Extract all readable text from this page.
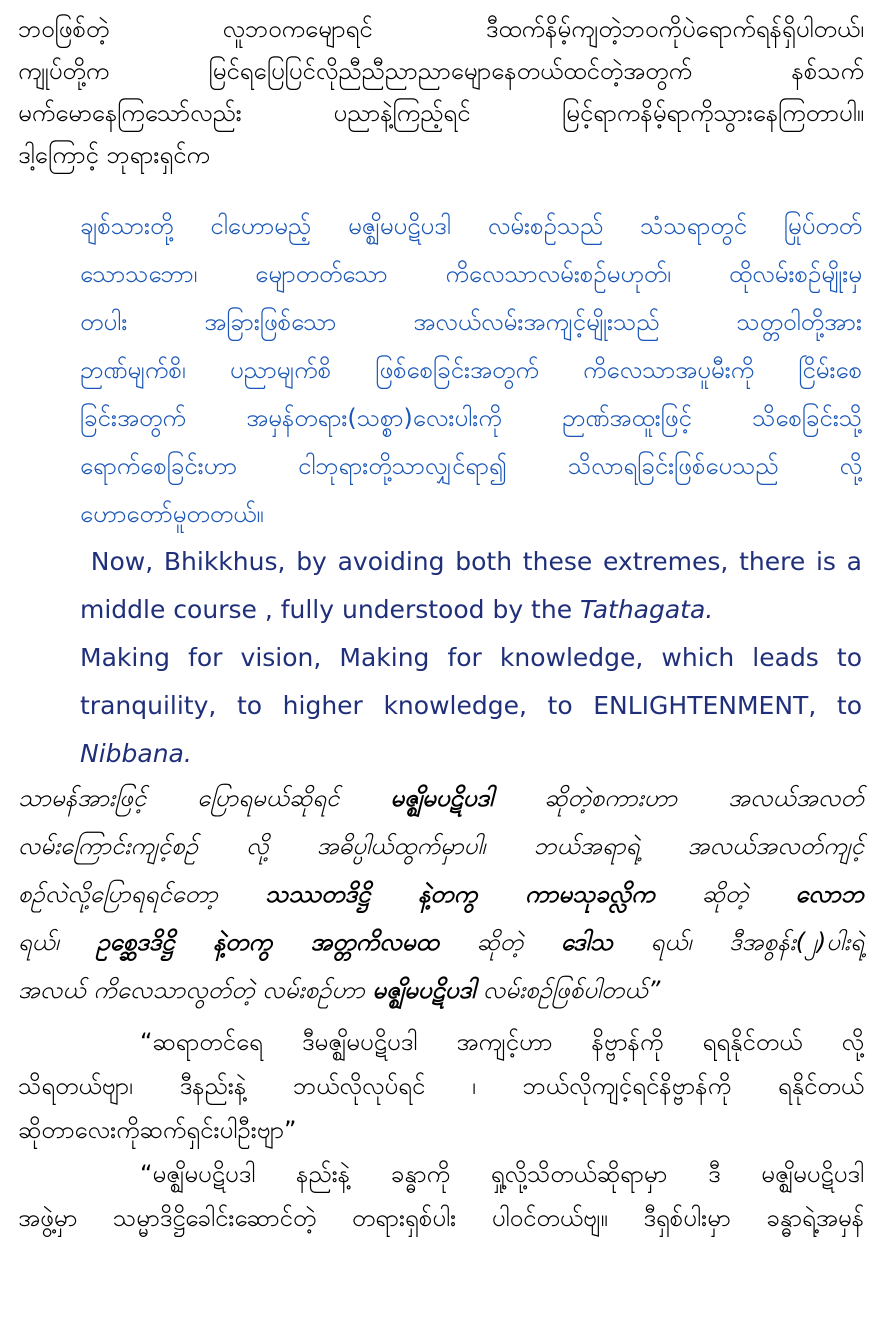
ဘဝဖြစ်တဲ့ လူဘဝကမျောရင် ဒီထက်နိမ့်ကျတဲ့ဘဝကိုပဲရောက်ရန်ရှိပါတယ်၊
ကျုပ်တို့က မြင်ရပြေပြင်လိုညီညီညာညာမျောနေတယ်ထင်တဲ့အတွက် နစ်သက်
မက်မောနေကြသော်လည်း ပညာနဲ့ကြည့်ရင် မြင့်ရာကနိမ့်ရာကိုသွားနေကြတာပါ။
ဒါ့ကြောင့် ဘုရားရှင်က
ချစ်သားတို့ ငါဟောမည့် မဇ္ဈိမပဋိပဒါ လမ်းစဉ်သည် သံသရာတွင် မြုပ်တတ်
သောသဘော၊ မျောတတ်သော ကိလေသာလမ်းစဉ်မဟုတ်၊ ထိုလမ်းစဉ်မျိုးမှ
တပါး အခြားဖြစ်သော အလယ်လမ်းအကျင့်မျိုးသည် သတ္တဝါတို့အား
ဉာဏ်မျက်စိ၊ ပညာမျက်စိ ဖြစ်စေခြင်းအတွက် ကိလေသာအပူမီးကို ငြိမ်းစေ
ခြင်းအတွက် အမှန်တရား(သစ္စာ)လေးပါးကို ဉာဏ်အထူးဖြင့် သိစေခြင်းသို့
ရောက်စေခြင်းဟာ ငါဘုရားတို့သာလျှင်ရာ၍ သိလာရခြင်းဖြစ်ပေသည် လို့
ဟောတော်မူတတယ်။
Now, Bhikkhus, by avoiding both these extremes, there is a
middle course , fully understood by the Tathagata.
Making for vision, Making for knowledge, which leads to
tranquility, to higher knowledge, to ENLIGHTENMENT, to
Nibbana.
သာမန်အားဖြင့် ပြောရမယ်ဆိုရင် မဇ္ဈိမပဋိပဒါ ဆိုတဲ့စကားဟာ အလယ်အလတ်
လမ်းကြောင်းကျင့်စဉ် လို့ အဓိပ္ပါယ်ထွက်မှာပါ၊ ဘယ်အရာရဲ့ အလယ်အလတ်ကျင့်
စဉ်လဲလို့ပြောရရင်တော့ သဿတဒိဋ္ဌိ နဲ့တကွ ကာမသုခလ္လိက ဆိုတဲ့ လောဘ
ရယ်၊ ဥစ္ဆေဒဒိဋ္ဌိ နဲ့တကွ အတ္တကိလမထ ဆိုတဲ့ ဒေါသ ရယ်၊ ဒီအစွန်း(၂)ပါးရဲ့
အလယ် ကိလေသာလွတ်တဲ့ လမ်းစဉ်ဟာ မဇ္ဈိမပဋိပဒါ လမ်းစဉ်ဖြစ်ပါတယ်”
“ဆရာတင်ရေ ဒီမဇ္ဈိမပဋိပဒါ အကျင့်ဟာ နိဗ္ဗာန်ကို ရရနိုင်တယ် လို့
သိရတယ်ဗျာ၊ ဒီနည်းနဲ့ ဘယ်လိုလုပ်ရင် ၊ ဘယ်လိုကျင့်ရင်နိဗ္ဗာန်ကို ရနိုင်တယ်
ဆိုတာလေးကိုဆက်ရှင်းပါဦးဗျာ”
“မဇ္ဈိမပဋိပဒါ နည်းနဲ့ ခန္ဓာကို ရှု့လို့သိတယ်ဆိုရာမှာ ဒီ မဇ္ဈိမပဋိပဒါ
အဖွဲ့မှာ သမ္မာဒိဋ္ဌိခေါင်းဆောင်တဲ့ တရားရှစ်ပါး ပါဝင်တယ်ဗျ။ ဒီရှစ်ပါးမှာ ခန္ဓာရဲ့အမှန်
